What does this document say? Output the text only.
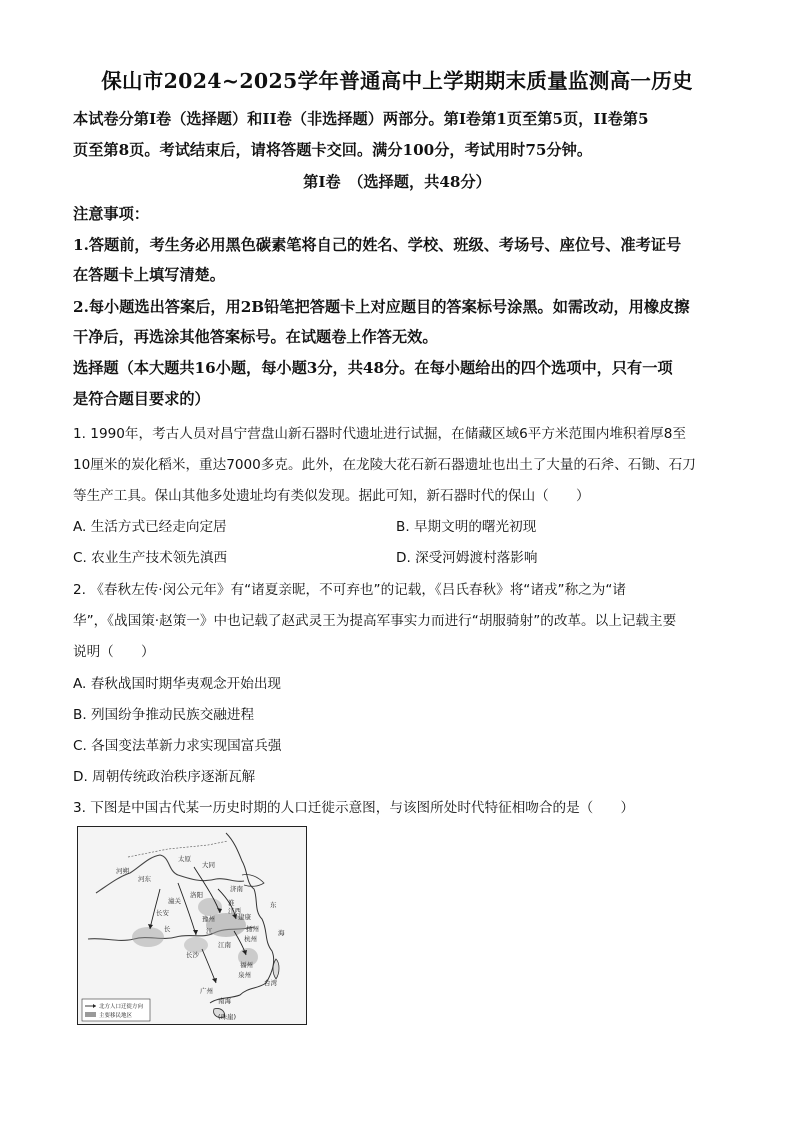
保山市2024~2025学年普通高中上学期期末质量监测高一历史
本试卷分第Ⅰ卷（选择题）和II卷（非选择题）两部分。第Ⅰ卷第1页至第5页，II卷第5
页至第8页。考试结束后，请将答题卡交回。满分100分，考试用时75分钟。
第Ⅰ卷　（选择题，共48分）
注意事项：
1.答题前，考生务必用黑色碳素笔将自己的姓名、学校、班级、考场号、座位号、准考证号
在答题卡上填写清楚。
2.每小题选出答案后，用2B铅笔把答题卡上对应题目的答案标号涂黑。如需改动，用橡皮擦
干净后，再选涂其他答案标号。在试题卷上作答无效。
选择题（本大题共16小题，每小题3分，共48分。在每小题给出的四个选项中，只有一项
是符合题目要求的）
1. 1990年，考古人员对昌宁营盘山新石器时代遗址进行试掘，在储藏区域6平方米范围内堆积着厚8至
10厘米的炭化稻米，重达7000多克。此外，在龙陵大花石新石器遗址也出土了大量的石斧、石锄、石刀
等生产工具。保山其他多处遗址均有类似发现。据此可知，新石器时代的保山（　　）
A. 生活方式已经走向定居	B. 早期文明的曙光初现
C. 农业生产技术领先滇西	D. 深受河姆渡村落影响
2. 《春秋左传·闵公元年》有“诸夏亲昵，不可弃也”的记载，《吕氏春秋》将“诸戎”称之为“诸
华”，《战国策·赵策一》中也记载了赵武灵王为提高军事实力而进行“胡服骑射”的改革。以上记载主要
说明（　　）
A. 春秋战国时期华夷观念开始出现
B. 列国纷争推动民族交融进程
C. 各国变法革新力求实现国富兵强
D. 周朝传统政治秩序逐渐瓦解
3. 下图是中国古代某一历史时期的人口迁徙示意图，与该图所处时代特征相吻合的是（　　）
大同
河朔
河东
太原
济南
淮
潼关
洛阳
长安	建康
江西
扬州
杭州
长沙
福州
泉州
广州
东
海
南海
台湾
长	江
(珠崖)
江南
豫州
北方人口迁徙方向
主要移民地区
